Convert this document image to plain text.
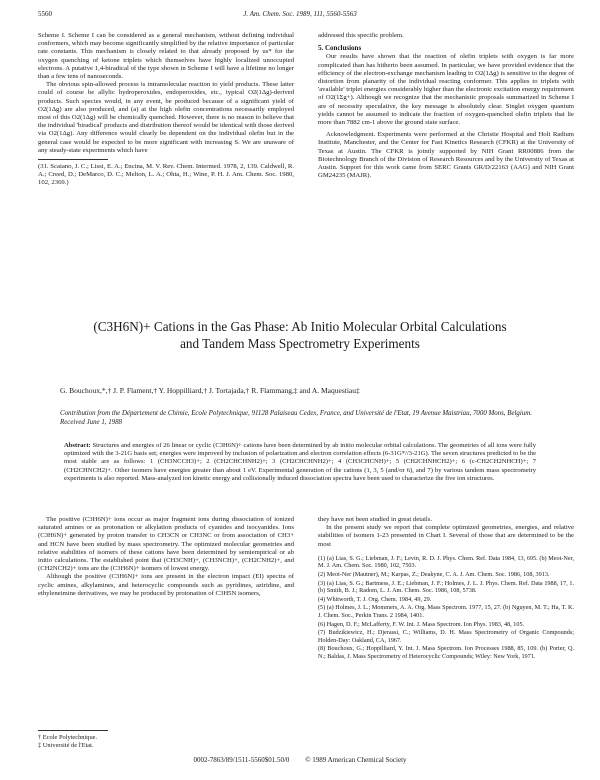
5560	J. Am. Chem. Soc. 1989, 111, 5560-5563

Scheme I. Scheme I can be considered as a general mechanism, without defining individual conformers, which may become significantly simplified by the relative importance of particular rate constants. This mechanism is closely related to that already proposed by us* for the oxygen quenching of ketone triplets which themselves have highly localized unoccupied electrons. A putative 1,4-biradical of the type shown in Scheme I will have a lifetime no longer than a few tens of nanoseconds.

The obvious spin-allowed process is intramolecular reaction to yield products. These latter could of course be allylic hydroperoxides, endoperoxides, etc., typical O2(1Δg)-derived products. Such species would, in any event, be produced because of a significant yield of O2(1Δg) are also produced, and (a) at the high olefin concentrations necessarily employed most of this O2(1Δg) will be chemically quenched. However, there is no reason to believe that the individual 'biradical' products and distribution thereof would be identical with those derived via O2(1Δg). Any difference would clearly be dependent on the individual olefin but in the general case would be expected to be more significant with increasing S. We are unaware of any steady-state experiments which have

(31. Scaiano, J. C.; Lissi, E. A.; Encina, M. V. Rev. Chem. Intermed. 1978, 2, 139. Caldwell, R. A.; Creed, D.; DeMarco, D. C.; Melton, L. A.; Ohta, H.; Wine, P. H. J. Am. Chem. Soc. 1980, 102, 2369.)

addressed this specific problem.

5. Conclusions

Our results have shown that the reaction of olefin triplets with oxygen is far more complicated than has hitherto been assumed. In particular, we have provided evidence that the efficiency of the electron-exchange mechanism leading to O2(1Δg) is sensitive to the degree of distortion from planarity of the individual reacting conformer. This applies to triplets with 'available' triplet energies considerably higher than the electronic excitation energy requirement of O2(1Σg+). Although we recognize that the mechanistic proposals summarized in Scheme I are of necessity speculative, the key message is absolutely clear. Singlet oxygen quantum yields cannot be assumed to indicate the fraction of oxygen-quenched olefin triplets that lie more than 7882 cm-1 above the ground state surface.

Acknowledgment. Experiments were performed at the Christie Hospital and Holt Radium Institute, Manchester, and the Center for Fast Kinetics Research (CFKR) at the University of Texas at Austin. The CFKR is jointly supported by NIH Grant RR00886 from the Biotechnology Branch of the Division of Research Resources and by the University of Texas at Austin. Support for this work came from SERC Grants GR/D/22163 (AAG) and NIH Grant GM24235 (MAJR).

(C3H6N)+ Cations in the Gas Phase: Ab Initio Molecular Orbital Calculations and Tandem Mass Spectrometry Experiments
G. Bouchoux,*,† J. P. Flament,† Y. Hoppilliard,† J. Tortajada,† R. Flammang,‡ and A. Maquestiau‡
Contribution from the Département de Chimie, Ecole Polytechnique, 91128 Palaiseau Cedex, France, and Université de l'Etat, 19 Avenue Maistriau, 7000 Mons, Belgium. Received June 1, 1988
Abstract: Structures and energies of 26 linear or cyclic (C3H6N)+ cations have been determined by ab initio molecular orbital calculations. The geometries of all ions were fully optimized with the 3-21G basis set; energies were improved by inclusion of polarization and electron correlation effects (6-31G*//3-21G). The seven structures predicted to be the most stable are as follows: 1 (CH3NCCH3)+; 2 (CH2CHCHNH2)+; 3 (CH2CHCHNH2)+; 4 (CH3CHCNH)+; 5 (CH2CHNHCH2)+; 6 (c-CH2CH2NHCH)+; 7 (CH2CHNCH2)+. Other isomers have energies greater than about 1 eV. Experimental generation of the cations (1, 3, 5 (and/or 6), and 7) by various tandem mass spectrometry experiments is also reported. Mass-analyzed ion kinetic energy and collisionally induced dissociation spectra have been used to characterize the five ion structures.

The positive (C3H6N)+ ions occur as major fragment ions during dissociation of ionized saturated amines or as protonation or alkylation products of cyanides and isocyanides. Ions (C3H6N)+ generated by proton transfer to CH3CN or CH3NC or from association of CH3+ and HCN have been studied by mass spectrometry. The optimized molecular geometries and relative stabilities of isomers of these cations have been determined by semiempirical or ab initio calculations. The established point that (CH3CNH)+, (CH3NCH)+, (CH2CNH2)+, and (CH2NCH2)+ ions are the (C3H6N)+ isomers of lowest energy.

Although the positive (C3H6N)+ ions are present in the electron impact (EI) spectra of cyclic amines, alkylamines, and heterocyclic compounds such as pyridines, aziridine, and ethyleneimine derivatives, we may be produced by protonation of C3H5N isomers,

they have not been studied in great details.

In the present study we report that complete optimized geometries, energies, and relative stabilities of isomers 1-23 presented in Chart I. Several of those that are determined to be the most

(1) (a) Lias, S. G.; Liebman, J. F.; Levin, R. D. J. Phys. Chem. Ref. Data 1984, 13, 695. (b) Meot-Ner, M. J. Am. Chem. Soc. 1980, 102, 7503.

(2) Meot-Ner (Mautner), M.; Karpas, Z.; Deakyne, C. A. J. Am. Chem. Soc. 1986, 108, 3913.

(3) (a) Lias, S. G.; Bartmess, J. E.; Liebman, J. F.; Holmes, J. L. J. Phys. Chem. Ref. Data 1988, 17, 1. (b) Smith, B. J.; Radom, L. J. Am. Chem. Soc. 1986, 108, 5738.

(4) Whitworth, T. J. Org. Chem. 1984, 49, 29.

(5) (a) Holmes, J. L.; Mommers, A. A. Org. Mass Spectrom. 1977, 15, 27. (b) Nguyen, M. T.; Ha, T. K. J. Chem. Soc., Perkin Trans. 2 1984, 1401.

(6) Hagen, D. F.; McLafferty, F. W. Int. J. Mass Spectrom. Ion Phys. 1983, 48, 105.

(7) Budzikiewicz, H.; Djerassi, C.; Williams, D. H. Mass Spectrometry of Organic Compounds; Holden-Day: Oakland, CA, 1967.

(8) Bouchoux, G.; Hoppilliard, Y. Int. J. Mass Spectrom. Ion Processes 1988, 85, 109. (b) Porter, Q. N.; Baldas, J. Mass Spectrometry of Heterocyclic Compounds; Wiley: New York, 1971.

† Ecole Polytechnique.
‡ Université de l'Etat.
0002-7863/89/1511-5560$01.50/0 © 1989 American Chemical Society
